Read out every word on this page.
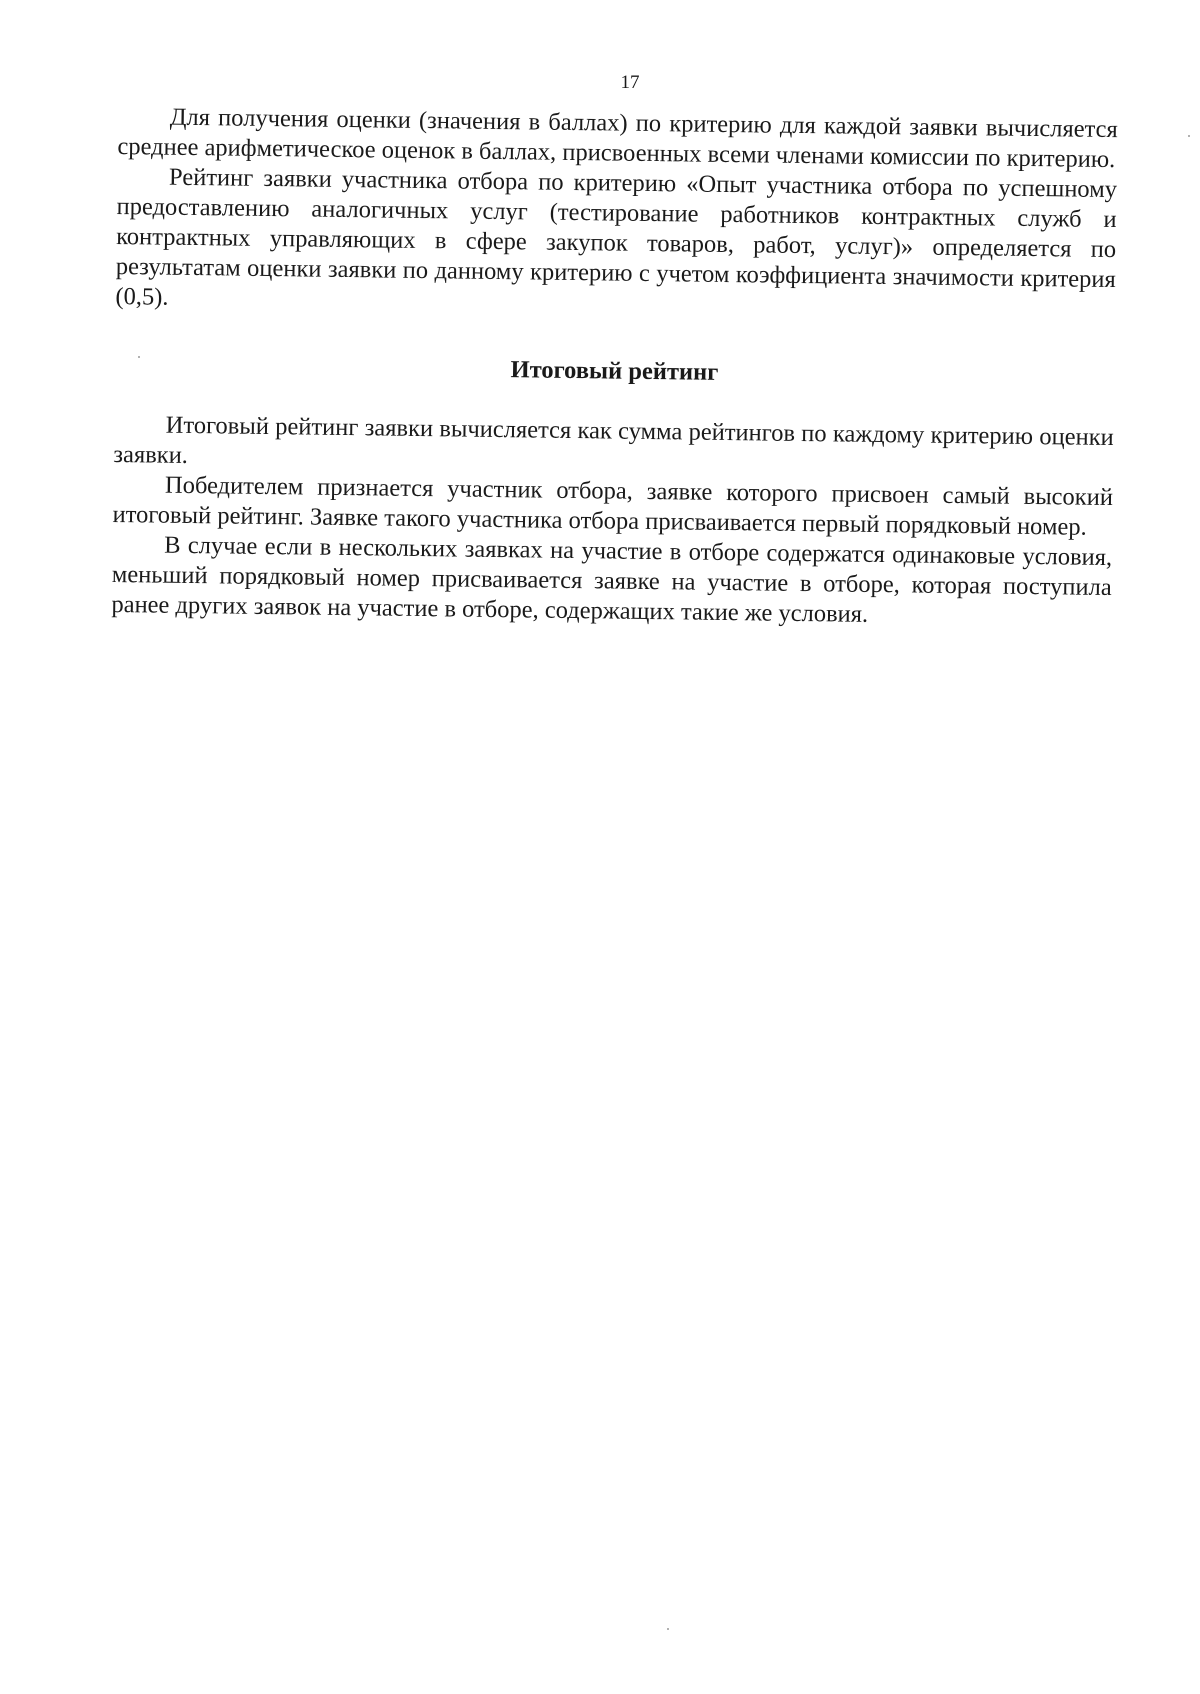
17

Для получения оценки (значения в баллах) по критерию для каждой заявки вычисляется среднее арифметическое оценок в баллах, присвоенных всеми членами комиссии по критерию.

Рейтинг заявки участника отбора по критерию «Опыт участника отбора по успешному предоставлению аналогичных услуг (тестирование работников контрактных служб и контрактных управляющих в сфере закупок товаров, работ, услуг)» определяется по результатам оценки заявки по данному критерию с учетом коэффициента значимости критерия (0,5).

Итоговый рейтинг

Итоговый рейтинг заявки вычисляется как сумма рейтингов по каждому критерию оценки заявки.

Победителем признается участник отбора, заявке которого присвоен самый высокий итоговый рейтинг. Заявке такого участника отбора присваивается первый порядковый номер.

В случае если в нескольких заявках на участие в отборе содержатся одинаковые условия, меньший порядковый номер присваивается заявке на участие в отборе, которая поступила ранее других заявок на участие в отборе, содержащих такие же условия.
